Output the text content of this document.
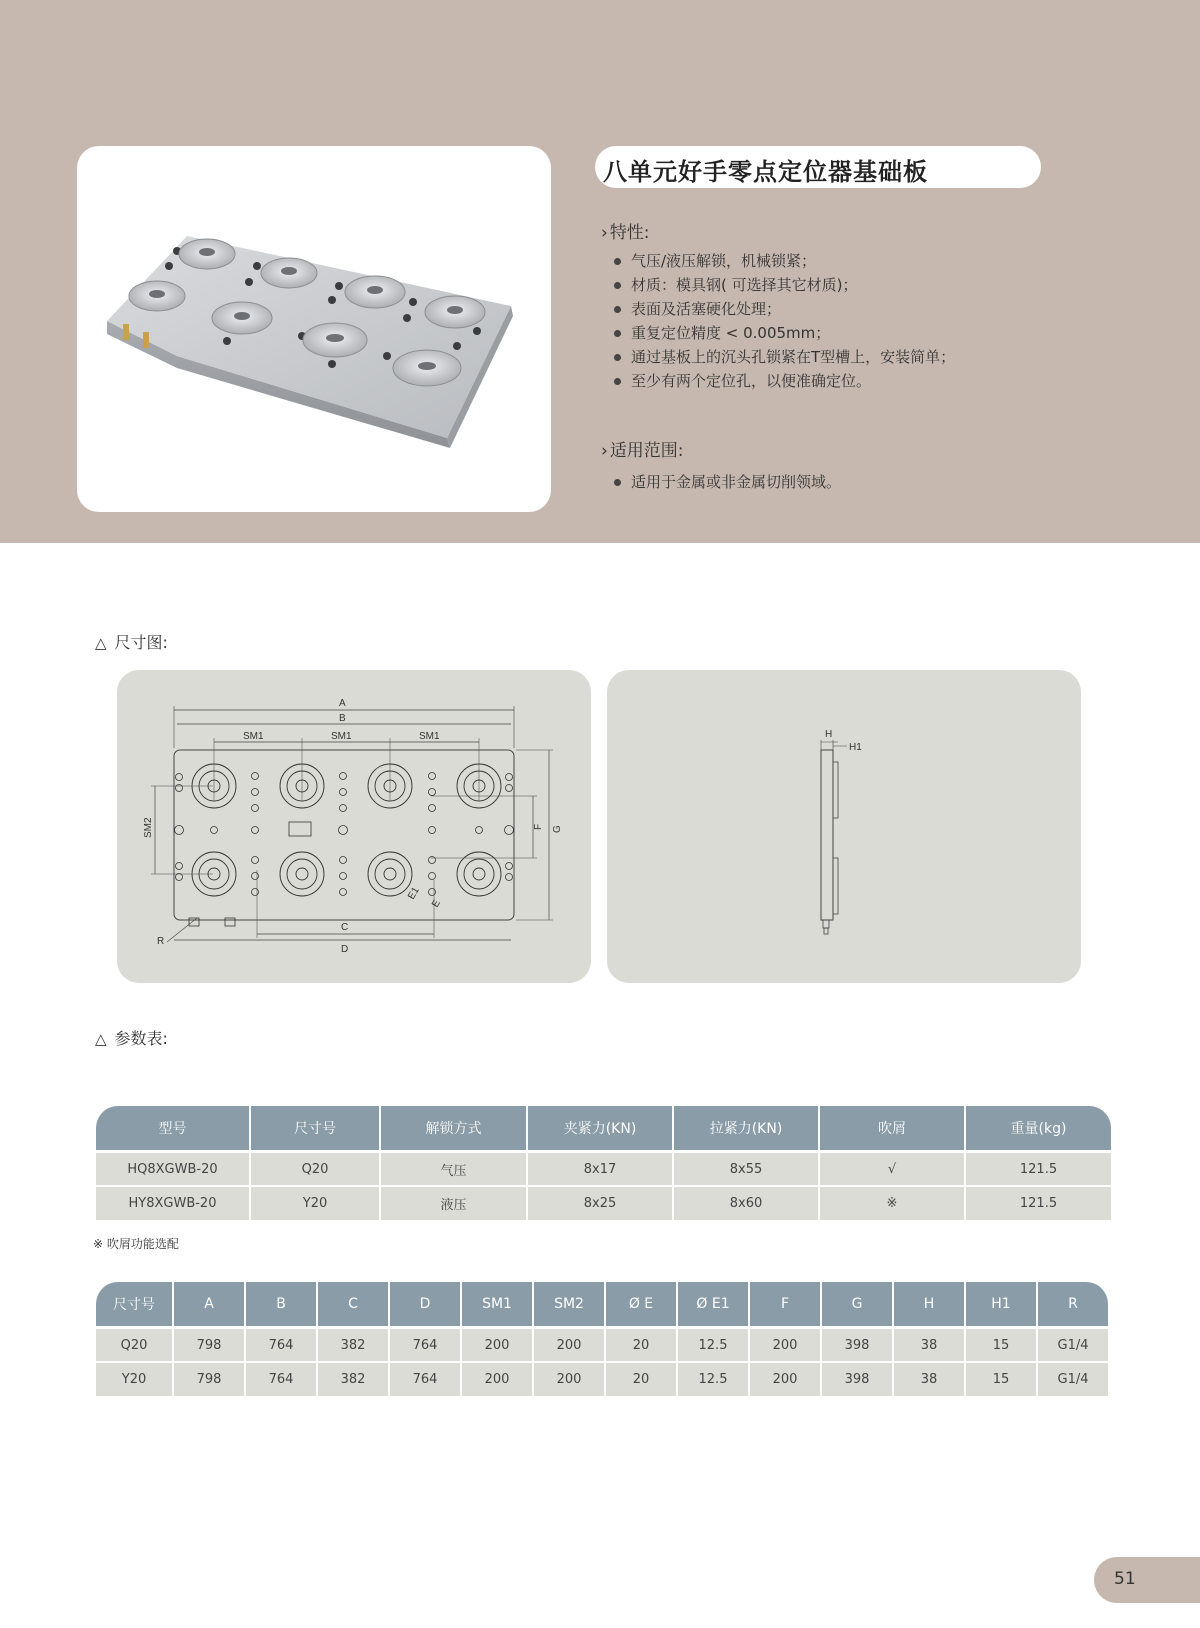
八单元好手零点定位器基础板
› 特性:
气压/液压解锁，机械锁紧；
材质：模具钢( 可选择其它材质)；
表面及活塞硬化处理；
重复定位精度 < 0.005mm；
通过基板上的沉头孔锁紧在T型槽上，安装简单；
至少有两个定位孔，以便准确定位。
› 适用范围:
适用于金属或非金属切削领域。
△ 尺寸图:
A
B
SM1	SM1	SM1
SM2	F G
C
D
R
E1
E
H
H1
△ 参数表:
型号	尺寸号	解锁方式	夹紧力(KN)	拉紧力(KN)	吹屑	重量(kg)
HQ8XGWB-20	Q20	气压	8x17	8x55	√	121.5
HY8XGWB-20	Y20	液压	8x25	8x60	※	121.5
※ 吹屑功能选配
尺寸号	A	B	C	D	SM1	SM2	Ø E	Ø E1	F	G	H	H1	R
Q20	798	764	382	764	200	200	20	12.5	200	398	38	15	G1/4
Y20	798	764	382	764	200	200	20	12.5	200	398	38	15	G1/4
51
